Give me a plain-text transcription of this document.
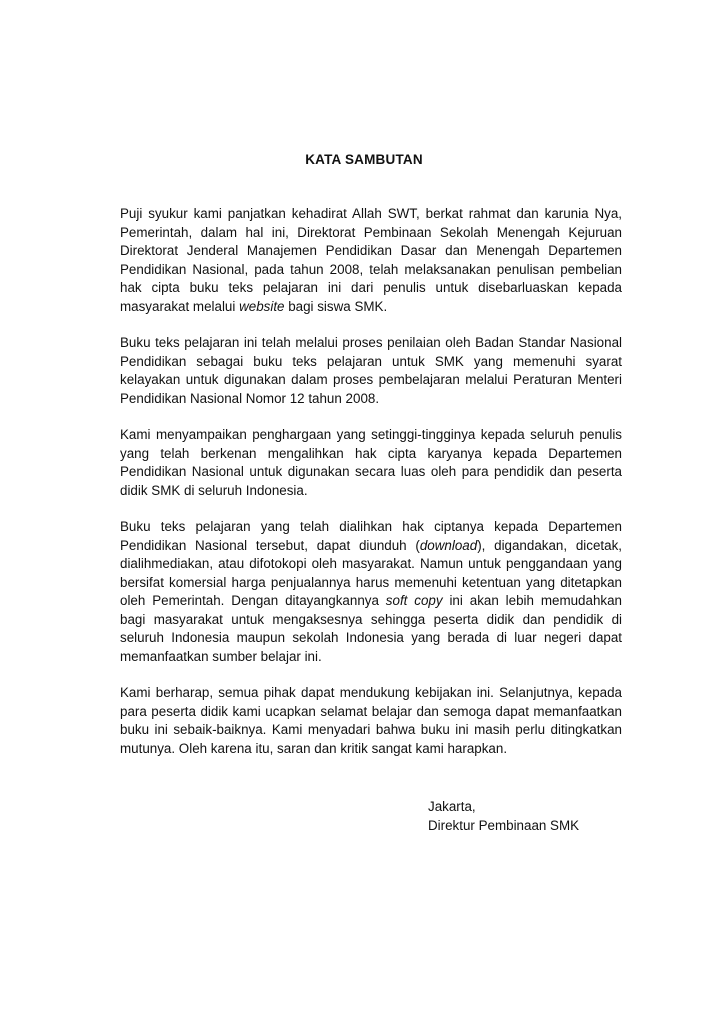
KATA SAMBUTAN

Puji syukur kami panjatkan kehadirat Allah SWT, berkat rahmat dan karunia Nya, Pemerintah, dalam hal ini, Direktorat Pembinaan Sekolah Menengah Kejuruan Direktorat Jenderal Manajemen Pendidikan Dasar dan Menengah Departemen Pendidikan Nasional, pada tahun 2008, telah melaksanakan penulisan pembelian hak cipta buku teks pelajaran ini dari penulis untuk disebarluaskan kepada masyarakat melalui website bagi siswa SMK.

Buku teks pelajaran ini telah melalui proses penilaian oleh Badan Standar Nasional Pendidikan sebagai buku teks pelajaran untuk SMK yang memenuhi syarat kelayakan untuk digunakan dalam proses pembelajaran melalui Peraturan Menteri Pendidikan Nasional Nomor 12 tahun 2008.

Kami menyampaikan penghargaan yang setinggi-tingginya kepada seluruh penulis yang telah berkenan mengalihkan hak cipta karyanya kepada Departemen Pendidikan Nasional untuk digunakan secara luas oleh para pendidik dan peserta didik SMK di seluruh Indonesia.

Buku teks pelajaran yang telah dialihkan hak ciptanya kepada Departemen Pendidikan Nasional tersebut, dapat diunduh (download), digandakan, dicetak, dialihmediakan, atau difotokopi oleh masyarakat. Namun untuk penggandaan yang bersifat komersial harga penjualannya harus memenuhi ketentuan yang ditetapkan oleh Pemerintah. Dengan ditayangkannya soft copy ini akan lebih memudahkan bagi masyarakat untuk mengaksesnya sehingga peserta didik dan pendidik di seluruh Indonesia maupun sekolah Indonesia yang berada di luar negeri dapat memanfaatkan sumber belajar ini.

Kami berharap, semua pihak dapat mendukung kebijakan ini. Selanjutnya, kepada para peserta didik kami ucapkan selamat belajar dan semoga dapat memanfaatkan buku ini sebaik-baiknya. Kami menyadari bahwa buku ini masih perlu ditingkatkan mutunya. Oleh karena itu, saran dan kritik sangat kami harapkan.

Jakarta,
Direktur Pembinaan SMK
